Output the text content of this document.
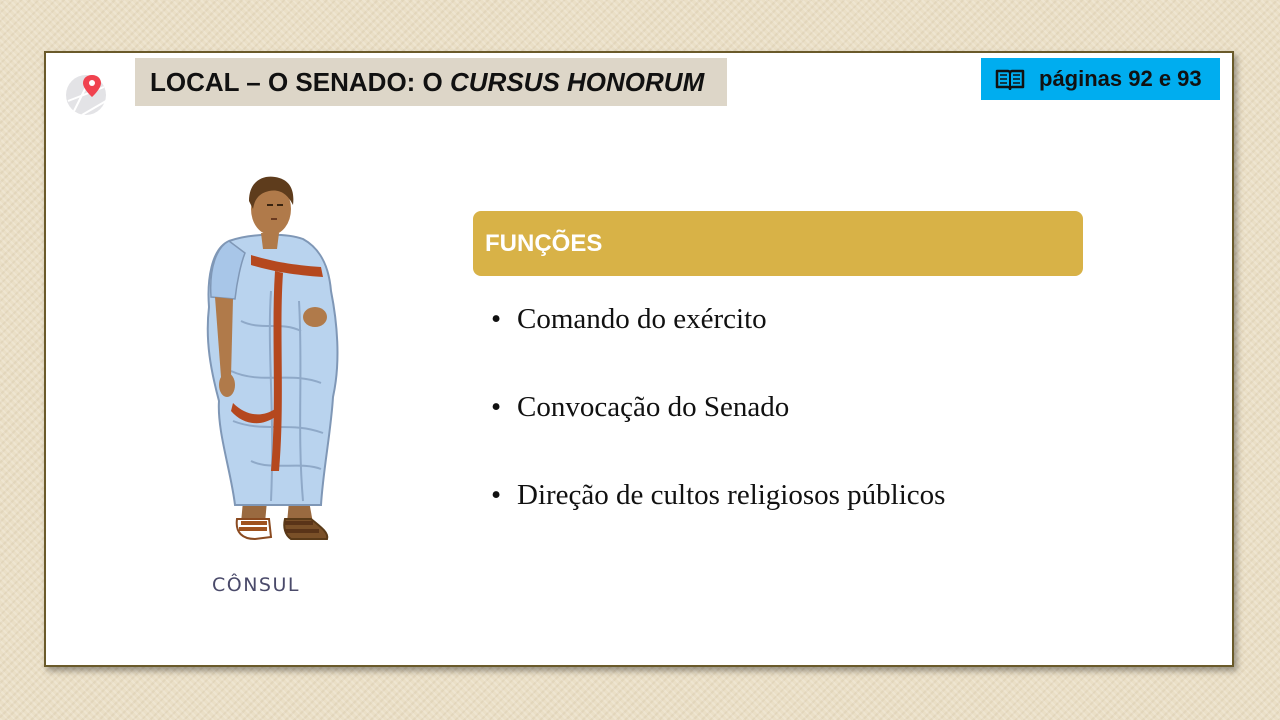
LOCAL – O SENADO: O CURSUS HONORUM	páginas 92 e 93
CÔNSUL
FUNÇÕES
• Comando do exército
• Convocação do Senado
• Direção de cultos religiosos públicos
